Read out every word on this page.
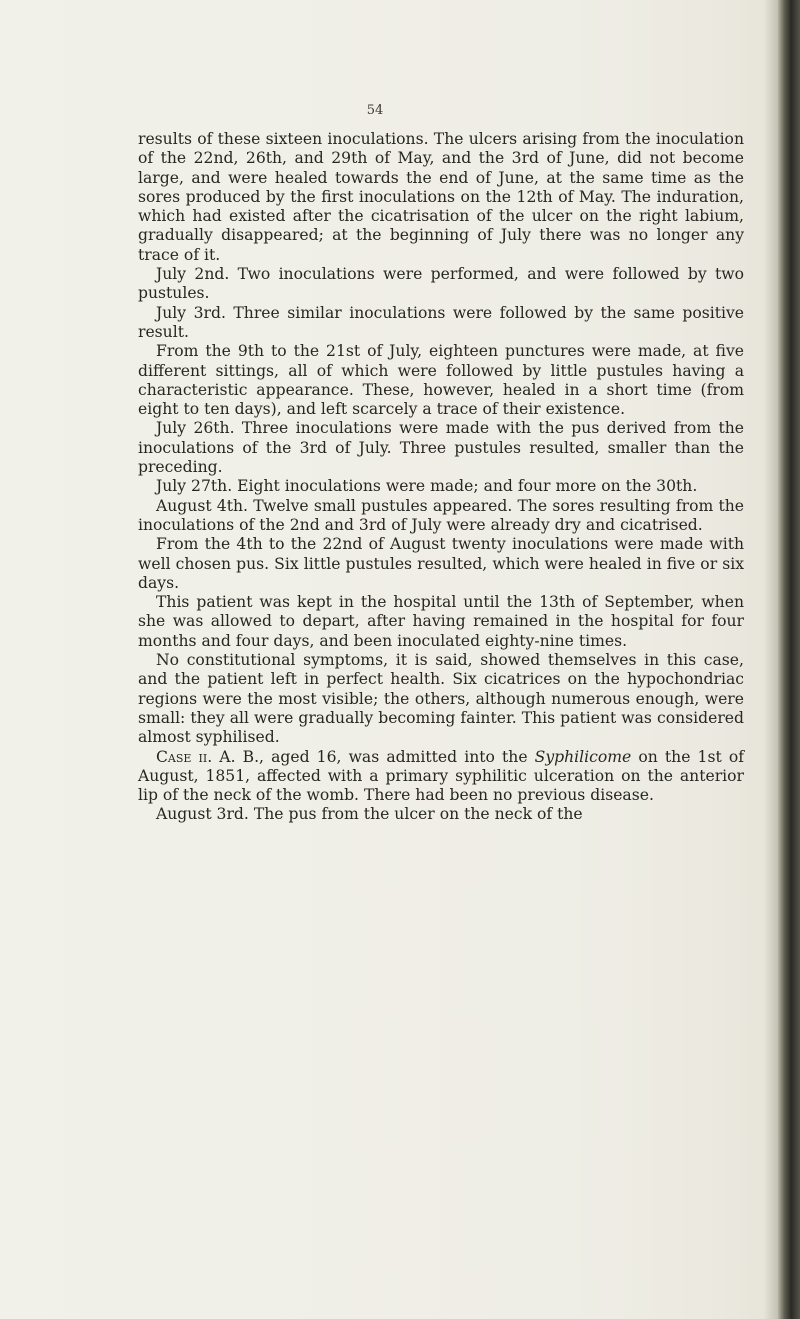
54

results of these sixteen inoculations. The ulcers arising from the inoculation of the 22nd, 26th, and 29th of May, and the 3rd of June, did not become large, and were healed towards the end of June, at the same time as the sores produced by the first inoculations on the 12th of May. The induration, which had existed after the cicatrisation of the ulcer on the right labium, gradually disappeared; at the beginning of July there was no longer any trace of it.

July 2nd. Two inoculations were performed, and were followed by two pustules.

July 3rd. Three similar inoculations were followed by the same positive result.

From the 9th to the 21st of July, eighteen punctures were made, at five different sittings, all of which were followed by little pustules having a characteristic appearance. These, however, healed in a short time (from eight to ten days), and left scarcely a trace of their existence.

July 26th. Three inoculations were made with the pus derived from the inoculations of the 3rd of July. Three pustules resulted, smaller than the preceding.

July 27th. Eight inoculations were made; and four more on the 30th.

August 4th. Twelve small pustules appeared. The sores resulting from the inoculations of the 2nd and 3rd of July were already dry and cicatrised.

From the 4th to the 22nd of August twenty inoculations were made with well chosen pus. Six little pustules resulted, which were healed in five or six days.

This patient was kept in the hospital until the 13th of September, when she was allowed to depart, after having remained in the hospital for four months and four days, and been inoculated eighty-nine times.

No constitutional symptoms, it is said, showed themselves in this case, and the patient left in perfect health. Six cicatrices on the hypochondriac regions were the most visible; the others, although numerous enough, were small: they all were gradually becoming fainter. This patient was considered almost syphilised.

Case ii. A. B., aged 16, was admitted into the Syphilicome on the 1st of August, 1851, affected with a primary syphilitic ulceration on the anterior lip of the neck of the womb. There had been no previous disease.

August 3rd. The pus from the ulcer on the neck of the
